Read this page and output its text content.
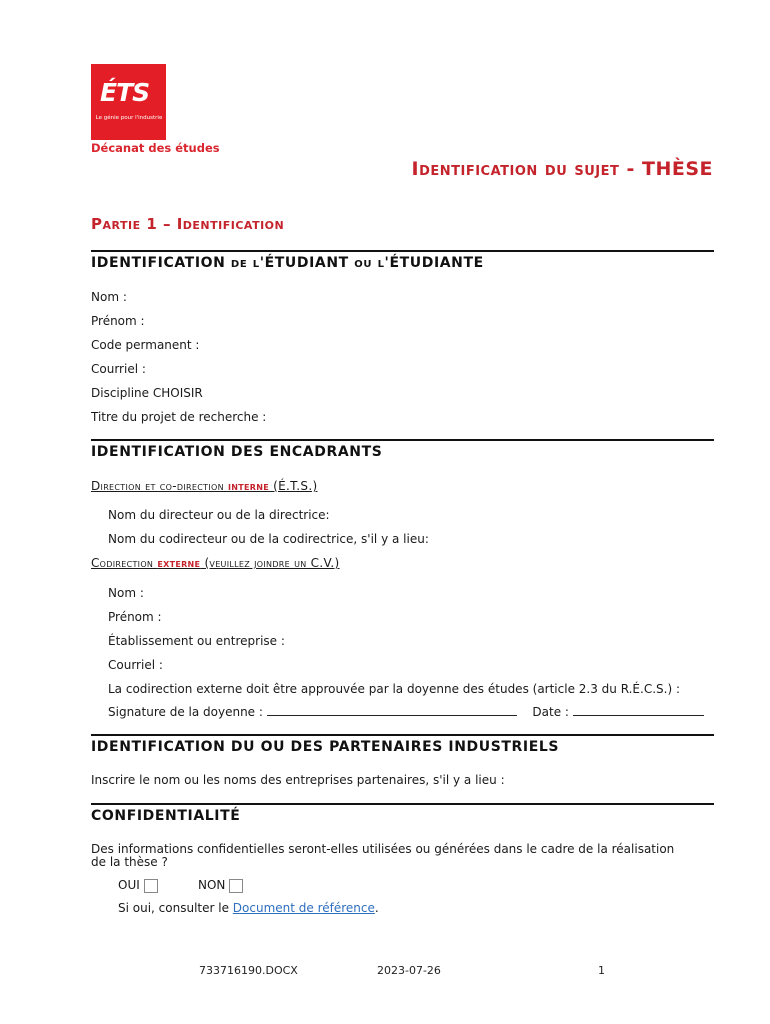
ÉTS
Le génie pour l'industrie
Décanat des études
Identification du sujet - THÈSE
Partie 1 – Identification
IDENTIFICATION de l'ÉTUDIANT ou l'ÉTUDIANTE
Nom :
Prénom :
Code permanent :
Courriel :
Discipline CHOISIR
Titre du projet de recherche :
IDENTIFICATION DES ENCADRANTS
Direction et co-direction interne (É.T.S.)
Nom du directeur ou de la directrice:
Nom du codirecteur ou de la codirectrice, s'il y a lieu:
Codirection externe (veuillez joindre un C.V.)
Nom :
Prénom :
Établissement ou entreprise :
Courriel :
La codirection externe doit être approuvée par la doyenne des études (article 2.3 du R.É.C.S.) :
Signature de la doyenne :	Date :
IDENTIFICATION DU OU DES PARTENAIRES INDUSTRIELS
Inscrire le nom ou les noms des entreprises partenaires, s'il y a lieu :
CONFIDENTIALITÉ
Des informations confidentielles seront-elles utilisées ou générées dans le cadre de la réalisation
de la thèse ?
OUI	NON
Si oui, consulter le Document de référence.
733716190.DOCX	2023-07-26	1
